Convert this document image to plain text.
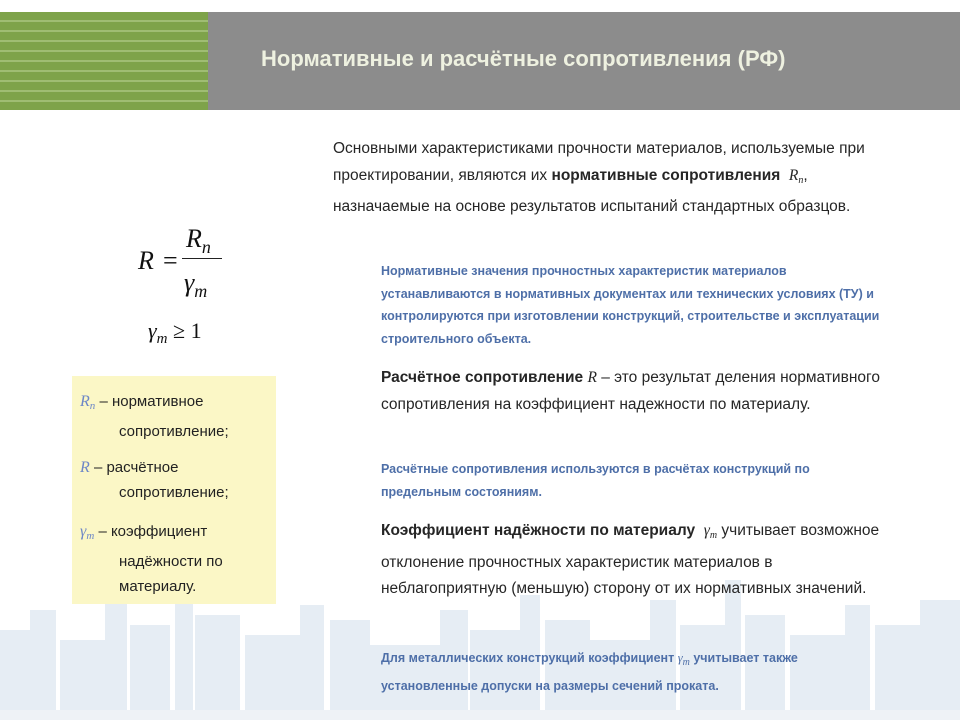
Нормативные и расчётные сопротивления (РФ)
R =
$R_n$
$\gamma_m$
$\gamma_m \ge 1$
$R_n$ – нормативное
сопротивление;
R – расчётное
сопротивление;
$\gamma_m$ – коэффициент
надёжности по
материалу.

Основными характеристиками прочности материалов, используемые при проектировании, являются их нормативные сопротивления $R_n$, назначаемые на основе результатов испытаний стандартных образцов.

Нормативные значения прочностных характеристик материалов устанавливаются в нормативных документах или технических условиях (ТУ) и контролируются при изготовлении конструкций, строительстве и эксплуатации строительного объекта.

Расчётное сопротивление R – это результат деления нормативного сопротивления на коэффициент надежности по материалу.

Расчётные сопротивления используются в расчётах конструкций по предельным состояниям.

Коэффициент надёжности по материалу $\gamma_m$ учитывает возможное отклонение прочностных характеристик материалов в неблагоприятную (меньшую) сторону от их нормативных значений.

Для металлических конструкций коэффициент $\gamma_m$ учитывает также установленные допуски на размеры сечений проката.
